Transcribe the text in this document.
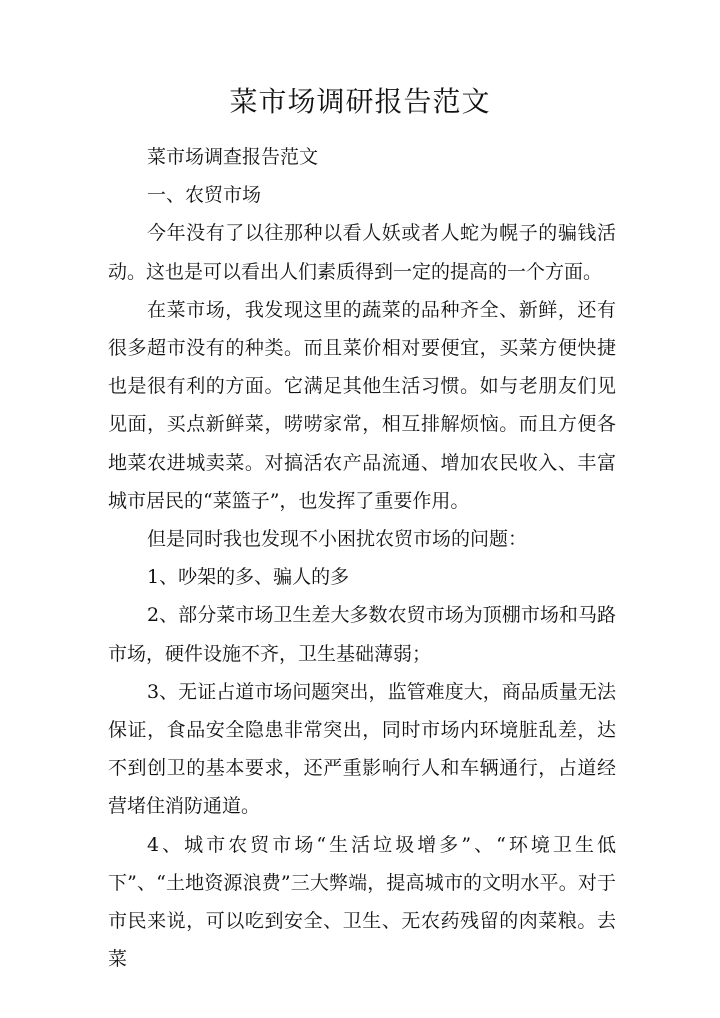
菜市场调研报告范文

菜市场调查报告范文

一、农贸市场

今年没有了以往那种以看人妖或者人蛇为幌子的骗钱活动。这也是可以看出人们素质得到一定的提高的一个方面。

在菜市场，我发现这里的蔬菜的品种齐全、新鲜，还有很多超市没有的种类。而且菜价相对要便宜，买菜方便快捷也是很有利的方面。它满足其他生活习惯。如与老朋友们见见面，买点新鲜菜，唠唠家常，相互排解烦恼。而且方便各地菜农进城卖菜。对搞活农产品流通、增加农民收入、丰富城市居民的“菜篮子”，也发挥了重要作用。

但是同时我也发现不小困扰农贸市场的问题：

1、吵架的多、骗人的多

2、部分菜市场卫生差大多数农贸市场为顶棚市场和马路市场，硬件设施不齐，卫生基础薄弱；

3、无证占道市场问题突出，监管难度大，商品质量无法保证，食品安全隐患非常突出，同时市场内环境脏乱差，达不到创卫的基本要求，还严重影响行人和车辆通行，占道经营堵住消防通道。

4、城市农贸市场“生活垃圾增多”、“环境卫生低下”、“土地资源浪费”三大弊端，提高城市的文明水平。对于市民来说，可以吃到安全、卫生、无农药残留的肉菜粮。去菜
